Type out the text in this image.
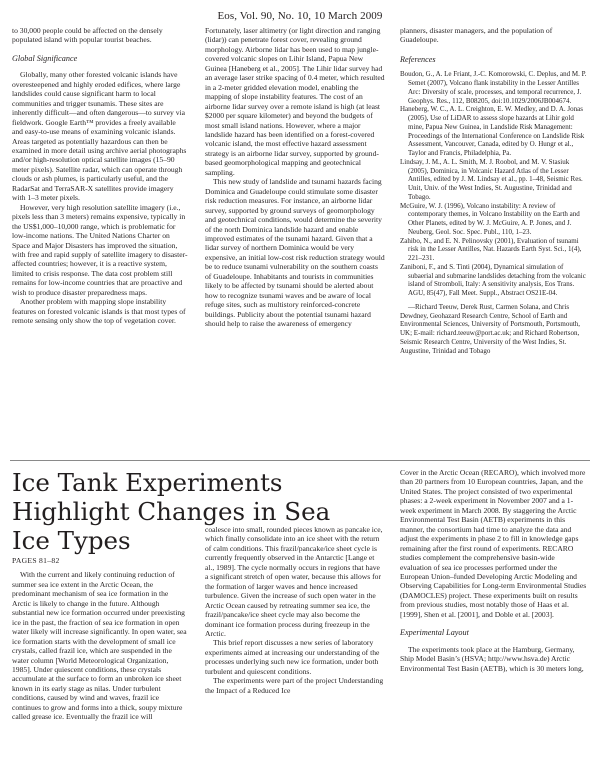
Eos, Vol. 90, No. 10, 10 March 2009

to 30,000 people could be affected on the densely populated island with popular tourist beaches.

Global Significance

Globally, many other forested volcanic islands have overesteepened and highly eroded edifices, where large landslides could cause significant harm to local communities and trigger tsunamis. These sites are inherently difficult—and often dangerous—to survey via fieldwork. Google Earth™ provides a freely available and easy-to-use means of examining volcanic islands. Areas targeted as potentially hazardous can then be examined in more detail using archive aerial photographs and/or high-resolution optical satellite images (15–90 meter pixels). Satellite radar, which can operate through clouds or ash plumes, is particularly useful, and the RadarSat and TerraSAR-X satellites provide imagery with 1–3 meter pixels.

However, very high resolution satellite imagery (i.e., pixels less than 3 meters) remains expensive, typically in the US$1,000–10,000 range, which is problematic for low-income nations. The United Nations Charter on Space and Major Disasters has improved the situation, with free and rapid supply of satellite imagery to disaster-affected countries; however, it is a reactive system, limited to crisis response. The data cost problem still remains for low-income countries that are proactive and wish to produce disaster preparedness maps.

Another problem with mapping slope instability features on forested volcanic islands is that most types of remote sensing only show the top of vegetation cover.

Fortunately, laser altimetry (or light direction and ranging (lidar)) can penetrate forest cover, revealing ground morphology. Airborne lidar has been used to map jungle-covered volcanic slopes on Lihir Island, Papua New Guinea [Haneberg et al., 2005]. The Lihir lidar survey had an average laser strike spacing of 0.4 meter, which resulted in a 2-meter gridded elevation model, enabling the mapping of slope instability features. The cost of an airborne lidar survey over a remote island is high (at least $2000 per square kilometer) and beyond the budgets of most small island nations. However, where a major landslide hazard has been identified on a forest-covered volcanic island, the most effective hazard assessment strategy is an airborne lidar survey, supported by ground-based geomorphological mapping and geotechnical sampling.

This new study of landslide and tsunami hazards facing Dominica and Guadeloupe could stimulate some disaster risk reduction measures. For instance, an airborne lidar survey, supported by ground surveys of geomorphology and geotechnical conditions, would determine the severity of the north Dominica landslide hazard and enable improved estimates of the tsunami hazard. Given that a lidar survey of northern Dominica would be very expensive, an initial low-cost risk reduction strategy would be to reduce tsunami vulnerability on the southern coasts of Guadeloupe. Inhabitants and tourists in communities likely to be affected by tsunami should be alerted about how to recognize tsunami waves and be aware of local refuge sites, such as multistory reinforced-concrete buildings. Publicity about the potential tsunami hazard should help to raise the awareness of emergency

planners, disaster managers, and the population of Guadeloupe.

References

Boudon, G., A. Le Friant, J.-C. Komorowski, C. Deplus, and M. P. Semet (2007), Volcano flank instability in the Lesser Antilles Arc: Diversity of scale, processes, and temporal recurrence, J. Geophys. Res., 112, B08205, doi:10.1029/2006JB004674.

Haneberg, W. C., A. L. Creighton, E. W. Medley, and D. A. Jonas (2005), Use of LiDAR to assess slope hazards at Lihir gold mine, Papua New Guinea, in Landslide Risk Management: Proceedings of the International Conference on Landslide Risk Assessment, Vancouver, Canada, edited by O. Hungr et al., Taylor and Francis, Philadelphia, Pa.

Lindsay, J. M., A. L. Smith, M. J. Roobol, and M. V. Stasiuk (2005), Dominica, in Volcanic Hazard Atlas of the Lesser Antilles, edited by J. M. Lindsay et al., pp. 1–48, Seismic Res. Unit, Univ. of the West Indies, St. Augustine, Trinidad and Tobago.

McGuire, W. J. (1996), Volcano instability: A review of contemporary themes, in Volcano Instability on the Earth and Other Planets, edited by W. J. McGuire, A. P. Jones, and J. Neuberg, Geol. Soc. Spec. Publ., 110, 1–23.

Zahibo, N., and E. N. Pelinovsky (2001), Evaluation of tsunami risk in the Lesser Antilles, Nat. Hazards Earth Syst. Sci., 1(4), 221–231.

Zaniboni, F., and S. Tinti (2004), Dynamical simulation of subaerial and submarine landslides detaching from the volcanic island of Stromboli, Italy: A sensitivity analysis, Eos Trans. AGU, 85(47), Fall Meet. Suppl., Abstract OS21E-04.

—Richard Teeuw, Derek Rust, Carmen Solana, and Chris Dewdney, Geohazard Research Centre, School of Earth and Environmental Sciences, University of Portsmouth, Portsmouth, UK; E-mail: richard.teeuw@port.ac.uk; and Richard Robertson, Seismic Research Centre, University of the West Indies, St. Augustine, Trinidad and Tobago

Ice Tank Experiments Highlight Changes in Sea Ice Types

PAGES 81–82

With the current and likely continuing reduction of summer sea ice extent in the Arctic Ocean, the predominant mechanism of sea ice formation in the Arctic is likely to change in the future. Although substantial new ice formation occurred under preexisting ice in the past, the fraction of sea ice formation in open water likely will increase significantly. In open water, sea ice formation starts with the development of small ice crystals, called frazil ice, which are suspended in the water column [World Meteorological Organization, 1985]. Under quiescent conditions, these crystals accumulate at the surface to form an unbroken ice sheet known in its early stage as nilas. Under turbulent conditions, caused by wind and waves, frazil ice continues to grow and forms into a thick, soupy mixture called grease ice. Eventually the frazil ice will

coalesce into small, rounded pieces known as pancake ice, which finally consolidate into an ice sheet with the return of calm conditions. This frazil/pancake/ice sheet cycle is currently frequently observed in the Antarctic [Lange et al., 1989]. The cycle normally occurs in regions that have a significant stretch of open water, because this allows for the formation of larger waves and hence increased turbulence. Given the increase of such open water in the Arctic Ocean caused by retreating summer sea ice, the frazil/pancake/ice sheet cycle may also become the dominant ice formation process during freezeup in the Arctic.

This brief report discusses a new series of laboratory experiments aimed at increasing our understanding of the processes underlying such new ice formation, under both turbulent and quiescent conditions.

The experiments were part of the project Understanding the Impact of a Reduced Ice

Cover in the Arctic Ocean (RECARO), which involved more than 20 partners from 10 European countries, Japan, and the United States. The project consisted of two experimental phases: a 2-week experiment in November 2007 and a 1-week experiment in March 2008. By staggering the Arctic Environmental Test Basin (AETB) experiments in this manner, the consortium had time to analyze the data and adjust the experiments in phase 2 to fill in knowledge gaps remaining after the first round of experiments. RECARO studies complement the comprehensive basin-wide evaluation of sea ice processes performed under the European Union–funded Developing Arctic Modeling and Observing Capabilities for Long-term Environmental Studies (DAMOCLES) project. These experiments built on results from previous studies, most notably those of Haas et al. [1999], Shen et al. [2001], and Doble et al. [2003].

Experimental Layout

The experiments took place at the Hamburg, Germany, Ship Model Basin’s (HSVA; http://www.hsva.de) Arctic Environmental Test Basin (AETB), which is 30 meters long,
